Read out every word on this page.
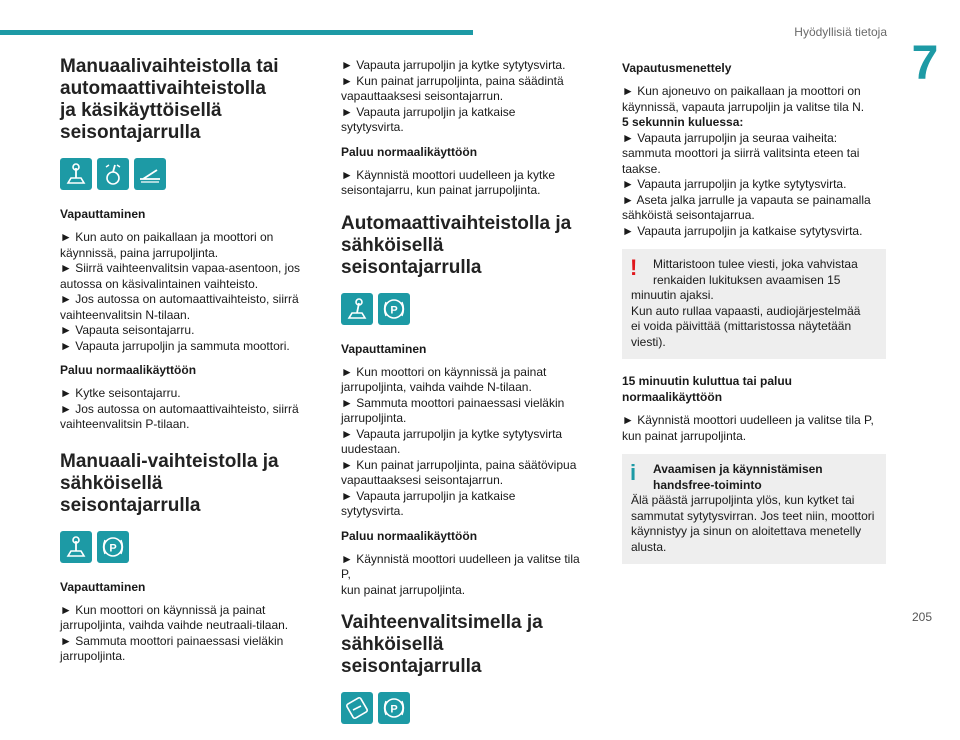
Hyödyllisiä tietoja
7
Manuaalivaihteistolla tai
automaattivaihteistolla
ja käsikäyttöisellä
seisontajarrulla
Vapauttaminen

► Kun auto on paikallaan ja moottori on
käynnissä, paina jarrupoljinta.
► Siirrä vaihteenvalitsin vapaa-asentoon, jos
autossa on käsivalintainen vaihteisto.
► Jos autossa on automaattivaihteisto, siirrä
vaihteenvalitsin N-tilaan.
► Vapauta seisontajarru.
► Vapauta jarrupoljin ja sammuta moottori.

Paluu normaalikäyttöön

► Kytke seisontajarru.
► Jos autossa on automaattivaihteisto, siirrä
vaihteenvalitsin P-tilaan.

Manuaali-vaihteistolla ja
sähköisellä seisontajarrulla
P
Vapauttaminen

► Kun moottori on käynnissä ja painat
jarrupoljinta, vaihda vaihde neutraali-tilaan.
► Sammuta moottori painaessasi vieläkin
jarrupoljinta.

► Vapauta jarrupoljin ja kytke sytytysvirta.
► Kun painat jarrupoljinta, paina säädintä
vapauttaaksesi seisontajarrun.
► Vapauta jarrupoljin ja katkaise sytytysvirta.

Paluu normaalikäyttöön

► Käynnistä moottori uudelleen ja kytke
seisontajarru, kun painat jarrupoljinta.

Automaattivaihteistolla ja
sähköisellä seisontajarrulla
P
Vapauttaminen

► Kun moottori on käynnissä ja painat
jarrupoljinta, vaihda vaihde N-tilaan.
► Sammuta moottori painaessasi vieläkin
jarrupoljinta.
► Vapauta jarrupoljin ja kytke sytytysvirta
uudestaan.
► Kun painat jarrupoljinta, paina säätövipua
vapauttaaksesi seisontajarrun.
► Vapauta jarrupoljin ja katkaise sytytysvirta.

Paluu normaalikäyttöön

► Käynnistä moottori uudelleen ja valitse tila P,
kun painat jarrupoljinta.

Vaihteenvalitsimella ja
sähköisellä seisontajarrulla
P
Vapautusmenettely

► Kun ajoneuvo on paikallaan ja moottori on
käynnissä, vapauta jarrupoljin ja valitse tila N.
5 sekunnin kuluessa:
► Vapauta jarrupoljin ja seuraa vaiheita:
sammuta moottori ja siirrä valitsinta eteen tai
taakse.
► Vapauta jarrupoljin ja kytke sytytysvirta.
► Aseta jalka jarrulle ja vapauta se painamalla
sähköistä seisontajarrua.
► Vapauta jarrupoljin ja katkaise sytytysvirta.

!	Mittaristoon tulee viesti, joka vahvistaa
renkaiden lukituksen avaamisen 15
minuutin ajaksi.
Kun auto rullaa vapaasti, audiojärjestelmää
ei voida päivittää (mittaristossa näytetään
viesti).

15 minuutin kuluttua tai paluu
normaalikäyttöön

► Käynnistä moottori uudelleen ja valitse tila P,
kun painat jarrupoljinta.

i	Avaamisen ja käynnistämisen
handsfree-toiminto
Älä päästä jarrupoljinta ylös, kun kytket tai
sammutat sytytysvirran. Jos teet niin, moottori
käynnistyy ja sinun on aloitettava menetelly
alusta.

205
